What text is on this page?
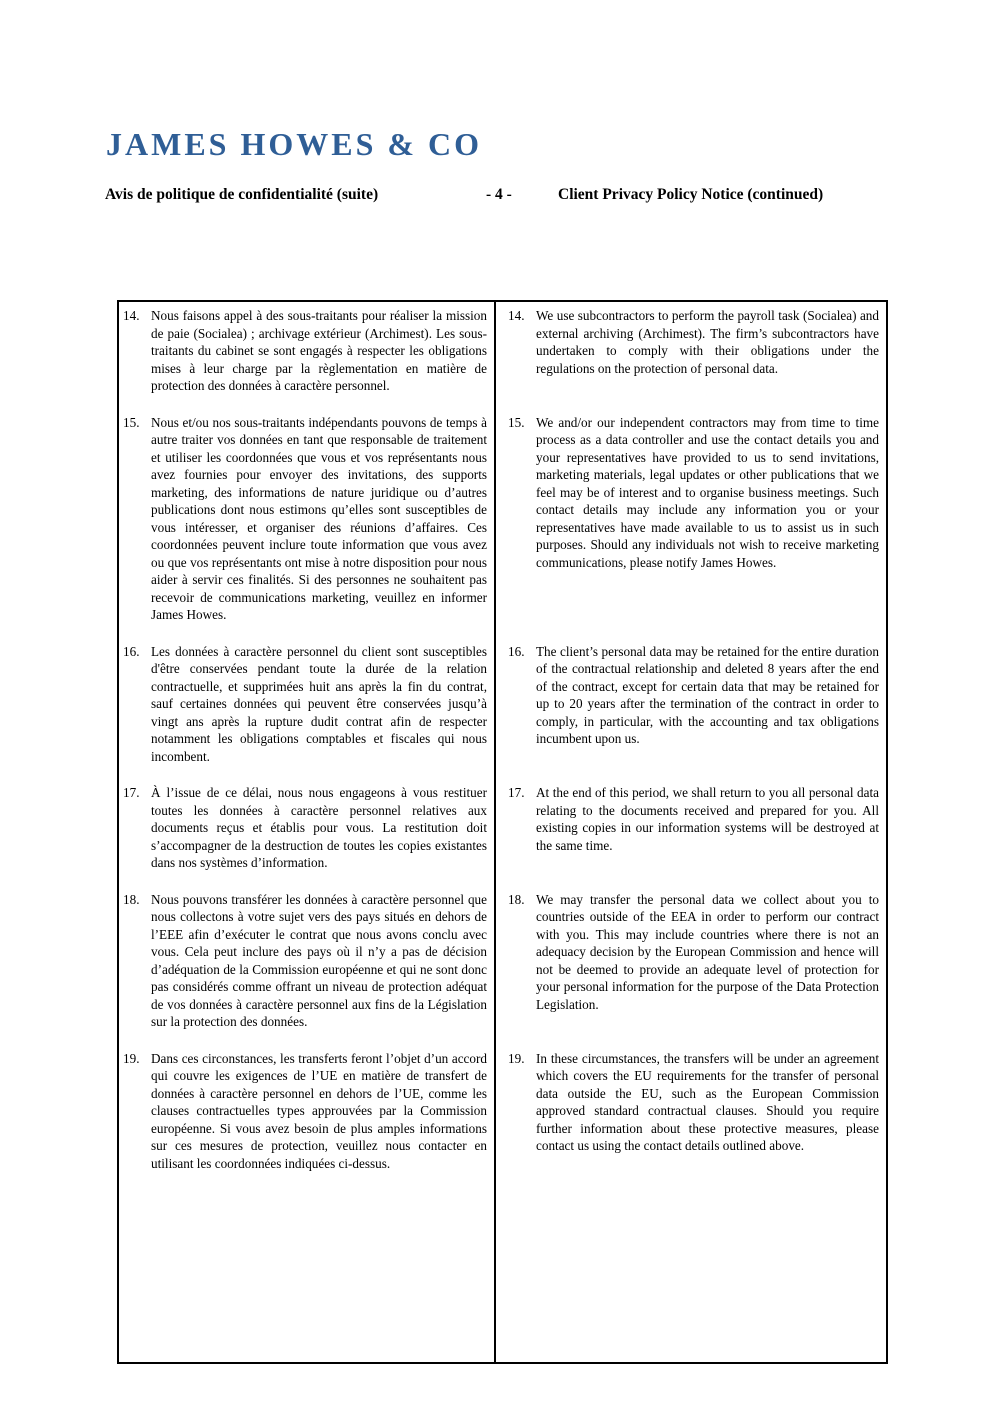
JAMES HOWES & CO
Avis de politique de confidentialité (suite)	- 4 -	Client Privacy Policy Notice (continued)
14. Nous faisons appel à des sous-traitants pour réaliser la mission de paie (Socialea) ; archivage extérieur (Archimest). Les sous-traitants du cabinet se sont engagés à respecter les obligations mises à leur charge par la règlementation en matière de protection des données à caractère personnel.
14. We use subcontractors to perform the payroll task (Socialea) and external archiving (Archimest). The firm’s subcontractors have undertaken to comply with their obligations under the regulations on the protection of personal data.
15. Nous et/ou nos sous-traitants indépendants pouvons de temps à autre traiter vos données en tant que responsable de traitement et utiliser les coordonnées que vous et vos représentants nous avez fournies pour envoyer des invitations, des supports marketing, des informations de nature juridique ou d’autres publications dont nous estimons qu’elles sont susceptibles de vous intéresser, et organiser des réunions d’affaires. Ces coordonnées peuvent inclure toute information que vous avez ou que vos représentants ont mise à notre disposition pour nous aider à servir ces finalités. Si des personnes ne souhaitent pas recevoir de communications marketing, veuillez en informer James Howes.
15. We and/or our independent contractors may from time to time process as a data controller and use the contact details you and your representatives have provided to us to send invitations, marketing materials, legal updates or other publications that we feel may be of interest and to organise business meetings. Such contact details may include any information you or your representatives have made available to us to assist us in such purposes. Should any individuals not wish to receive marketing communications, please notify James Howes.
16. Les données à caractère personnel du client sont susceptibles d'être conservées pendant toute la durée de la relation contractuelle, et supprimées huit ans après la fin du contrat, sauf certaines données qui peuvent être conservées jusqu’à vingt ans après la rupture dudit contrat afin de respecter notamment les obligations comptables et fiscales qui nous incombent.
16. The client’s personal data may be retained for the entire duration of the contractual relationship and deleted 8 years after the end of the contract, except for certain data that may be retained for up to 20 years after the termination of the contract in order to comply, in particular, with the accounting and tax obligations incumbent upon us.
17. À l’issue de ce délai, nous nous engageons à vous restituer toutes les données à caractère personnel relatives aux documents reçus et établis pour vous. La restitution doit s’accompagner de la destruction de toutes les copies existantes dans nos systèmes d’information.
17. At the end of this period, we shall return to you all personal data relating to the documents received and prepared for you. All existing copies in our information systems will be destroyed at the same time.
18. Nous pouvons transférer les données à caractère personnel que nous collectons à votre sujet vers des pays situés en dehors de l’EEE afin d’exécuter le contrat que nous avons conclu avec vous. Cela peut inclure des pays où il n’y a pas de décision d’adéquation de la Commission européenne et qui ne sont donc pas considérés comme offrant un niveau de protection adéquat de vos données à caractère personnel aux fins de la Législation sur la protection des données.
18. We may transfer the personal data we collect about you to countries outside of the EEA in order to perform our contract with you. This may include countries where there is not an adequacy decision by the European Commission and hence will not be deemed to provide an adequate level of protection for your personal information for the purpose of the Data Protection Legislation.
19. Dans ces circonstances, les transferts feront l’objet d’un accord qui couvre les exigences de l’UE en matière de transfert de données à caractère personnel en dehors de l’UE, comme les clauses contractuelles types approuvées par la Commission européenne. Si vous avez besoin de plus amples informations sur ces mesures de protection, veuillez nous contacter en utilisant les coordonnées indiquées ci-dessus.
19. In these circumstances, the transfers will be under an agreement which covers the EU requirements for the transfer of personal data outside the EU, such as the European Commission approved standard contractual clauses. Should you require further information about these protective measures, please contact us using the contact details outlined above.
